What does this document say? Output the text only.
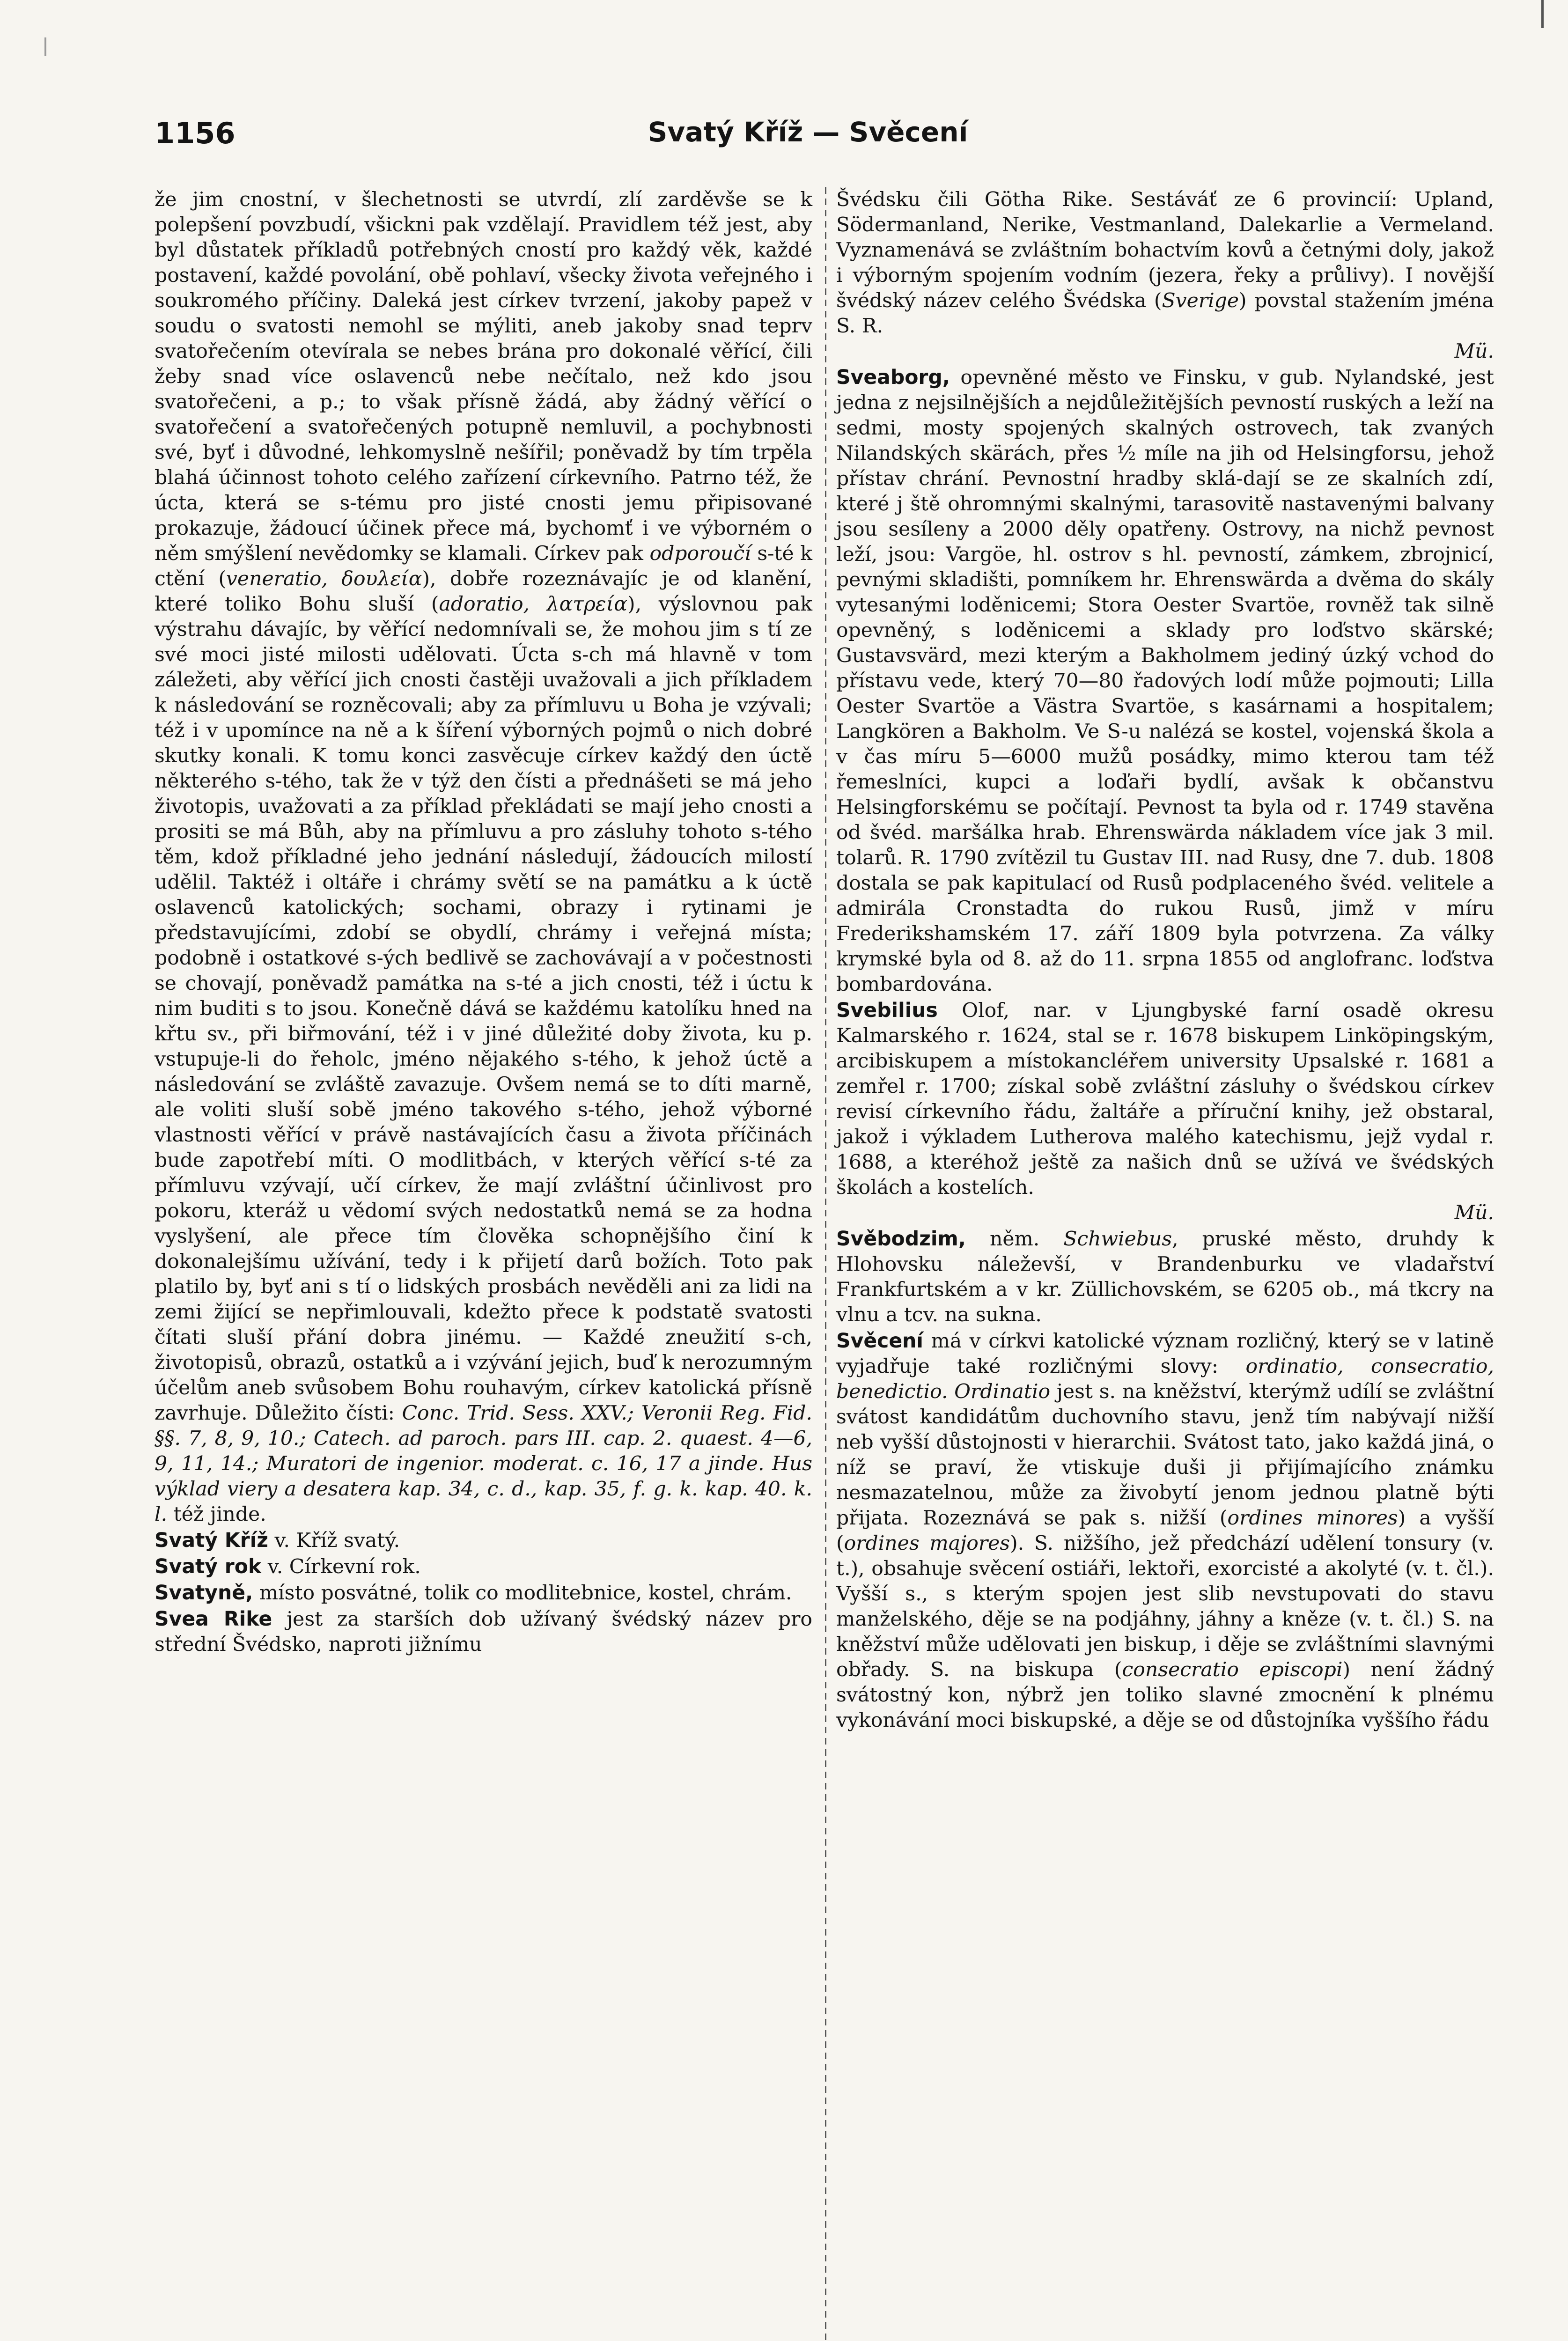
1156	Svatý Kříž — Svěcení

že jim cnostní, v šlechetnosti se utvrdí, zlí zarděvše se k polepšení povzbudí, všickni pak vzdělají. Pravidlem též jest, aby byl důstatek příkladů potřebných cností pro každý věk, každé postavení, každé povolání, obě pohlaví, všecky života veřejného i soukromého příčiny. Daleká jest církev tvrzení, jakoby papež v soudu o svatosti nemohl se mýliti, aneb jakoby snad teprv svatořečením otevírala se nebes brána pro dokonalé věřící, čili žeby snad více oslavenců nebe nečítalo, než kdo jsou svatořečeni, a p.; to však přísně žádá, aby žádný věřící o svatořečení a svatořečených potupně nemluvil, a pochybnosti své, byť i důvodné, lehkomyslně nešířil; poněvadž by tím trpěla blahá účinnost tohoto celého zařízení církevního. Patrno též, že úcta, která se s-tému pro jisté cnosti jemu připisované prokazuje, žádoucí účinek přece má, bychomť i ve výborném o něm smýšlení nevědomky se klamali. Církev pak odporoučí s-té k ctění (veneratio, δουλεία), dobře rozeznávajíc je od klanění, které toliko Bohu sluší (adoratio, λατρεία), výslovnou pak výstrahu dávajíc, by věřící nedomnívali se, že mohou jim s tí ze své moci jisté milosti udělovati. Úcta s-ch má hlavně v tom záležeti, aby věřící jich cnosti častěji uvažovali a jich příkladem k následování se rozněcovali; aby za přímluvu u Boha je vzývali; též i v upomínce na ně a k šíření výborných pojmů o nich dobré skutky konali. K tomu konci zasvěcuje církev každý den úctě některého s-tého, tak že v týž den čísti a přednášeti se má jeho životopis, uvažovati a za příklad překládati se mají jeho cnosti a prositi se má Bůh, aby na přímluvu a pro zásluhy tohoto s-tého těm, kdož příkladné jeho jednání následují, žádoucích milostí udělil. Taktéž i oltáře i chrámy světí se na památku a k úctě oslavenců katolických; sochami, obrazy i rytinami je představujícími, zdobí se obydlí, chrámy i veřejná místa; podobně i ostatkové s-ých bedlivě se zachovávají a v počestnosti se chovají, poněvadž památka na s-té a jich cnosti, též i úctu k nim buditi s to jsou. Konečně dává se každému katolíku hned na křtu sv., při biřmování, též i v jiné důležité doby života, ku p. vstupuje-li do řeholc, jméno nějakého s-tého, k jehož úctě a následování se zvláště zavazuje. Ovšem nemá se to díti marně, ale voliti sluší sobě jméno takového s-tého, jehož výborné vlastnosti věřící v právě nastávajících času a života příčinách bude zapotřebí míti. O modlitbách, v kterých věřící s-té za přímluvu vzývají, učí církev, že mají zvláštní účinlivost pro pokoru, kteráž u vědomí svých nedostatků nemá se za hodna vyslyšení, ale přece tím člověka schopnějšího činí k dokonalejšímu užívání, tedy i k přijetí darů božích. Toto pak platilo by, byť ani s tí o lidských prosbách nevěděli ani za lidi na zemi žijící se nepřimlouvali, kdežto přece k podstatě svatosti čítati sluší přání dobra jinému. — Každé zneužití s-ch, životopisů, obrazů, ostatků a i vzývání jejich, buď k nerozumným účelům aneb svůsobem Bohu rouhavým, církev katolická přísně zavrhuje. Důležito čísti: Conc. Trid. Sess. XXV.; Veronii Reg. Fid. §§. 7, 8, 9, 10.; Catech. ad paroch. pars III. cap. 2. quaest. 4—6, 9, 11, 14.; Muratori de ingenior. moderat. c. 16, 17 a jinde. Hus výklad viery a desatera kap. 34, c. d., kap. 35, f. g. k. kap. 40. k. l. též jinde.

Svatý Kříž v. Kříž svatý.

Svatý rok v. Církevní rok.

Svatyně, místo posvátné, tolik co modlitebnice, kostel, chrám.

Svea Rike jest za starších dob užívaný švédský název pro střední Švédsko, naproti jižnímu

Švédsku čili Götha Rike. Sestáváť ze 6 provincií: Upland, Södermanland, Nerike, Vestmanland, Dalekarlie a Vermeland. Vyznamenává se zvláštním bohactvím kovů a četnými doly, jakož i výborným spojením vodním (jezera, řeky a průlivy). I novější švédský název celého Švédska (Sverige) povstal stažením jména S. R.
Mü.

Sveaborg, opevněné město ve Finsku, v gub. Nylandské, jest jedna z nejsilnějších a nejdůležitějších pevností ruských a leží na sedmi, mosty spojených skalných ostrovech, tak zvaných Nilandských skärách, přes ½ míle na jih od Helsingforsu, jehož přístav chrání. Pevnostní hradby sklá-dají se ze skalních zdí, které j ště ohromnými skalnými, tarasovitě nastavenými balvany jsou sesíleny a 2000 děly opatřeny. Ostrovy, na nichž pevnost leží, jsou: Vargöe, hl. ostrov s hl. pevností, zámkem, zbrojnicí, pevnými skladišti, pomníkem hr. Ehrenswärda a dvěma do skály vytesanými loděnicemi; Stora Oester Svartöe, rovněž tak silně opevněný, s loděnicemi a sklady pro loďstvo skärské; Gustavsvärd, mezi kterým a Bakholmem jediný úzký vchod do přístavu vede, který 70—80 řadových lodí může pojmouti; Lilla Oester Svartöe a Västra Svartöe, s kasárnami a hospitalem; Langkören a Bakholm. Ve S-u nalézá se kostel, vojenská škola a v čas míru 5—6000 mužů posádky, mimo kterou tam též řemeslníci, kupci a loďaři bydlí, avšak k občanstvu Helsingforskému se počítají. Pevnost ta byla od r. 1749 stavěna od švéd. maršálka hrab. Ehrenswärda nákladem více jak 3 mil. tolarů. R. 1790 zvítězil tu Gustav III. nad Rusy, dne 7. dub. 1808 dostala se pak kapitulací od Rusů podplaceného švéd. velitele a admirála Cronstadta do rukou Rusů, jimž v míru Frederikshamském 17. září 1809 byla potvrzena. Za války krymské byla od 8. až do 11. srpna 1855 od anglofranc. loďstva bombardována.

Svebilius Olof, nar. v Ljungbyské farní osadě okresu Kalmarského r. 1624, stal se r. 1678 biskupem Linköpingským, arcibiskupem a místokancléřem university Upsalské r. 1681 a zemřel r. 1700; získal sobě zvláštní zásluhy o švédskou církev revisí církevního řádu, žaltáře a příruční knihy, jež obstaral, jakož i výkladem Lutherova malého katechismu, jejž vydal r. 1688, a kteréhož ještě za našich dnů se užívá ve švédských školách a kostelích.
Mü.

Svěbodzim, něm. Schwiebus, pruské město, druhdy k Hlohovsku náleževší, v Brandenburku ve vladařství Frankfurtském a v kr. Züllichovském, se 6205 ob., má tkcry na vlnu a tcv. na sukna.

Svěcení má v církvi katolické význam rozličný, který se v latině vyjadřuje také rozličnými slovy: ordinatio, consecratio, benedictio. Ordinatio jest s. na kněžství, kterýmž udílí se zvláštní svátost kandidátům duchovního stavu, jenž tím nabývají nižší neb vyšší důstojnosti v hierarchii. Svátost tato, jako každá jiná, o níž se praví, že vtiskuje duši ji přijímajícího známku nesmazatelnou, může za živobytí jenom jednou platně býti přijata. Rozeznává se pak s. nižší (ordines minores) a vyšší (ordines majores). S. nižšího, jež předchází udělení tonsury (v. t.), obsahuje svěcení ostiáři, lektoři, exorcisté a akolyté (v. t. čl.). Vyšší s., s kterým spojen jest slib nevstupovati do stavu manželského, děje se na podjáhny, jáhny a kněze (v. t. čl.) S. na kněžství může udělovati jen biskup, i děje se zvláštními slavnými obřady. S. na biskupa (consecratio episcopi) není žádný svátostný kon, nýbrž jen toliko slavné zmocnění k plnému vykonávání moci biskupské, a děje se od důstojníka vyššího řádu
